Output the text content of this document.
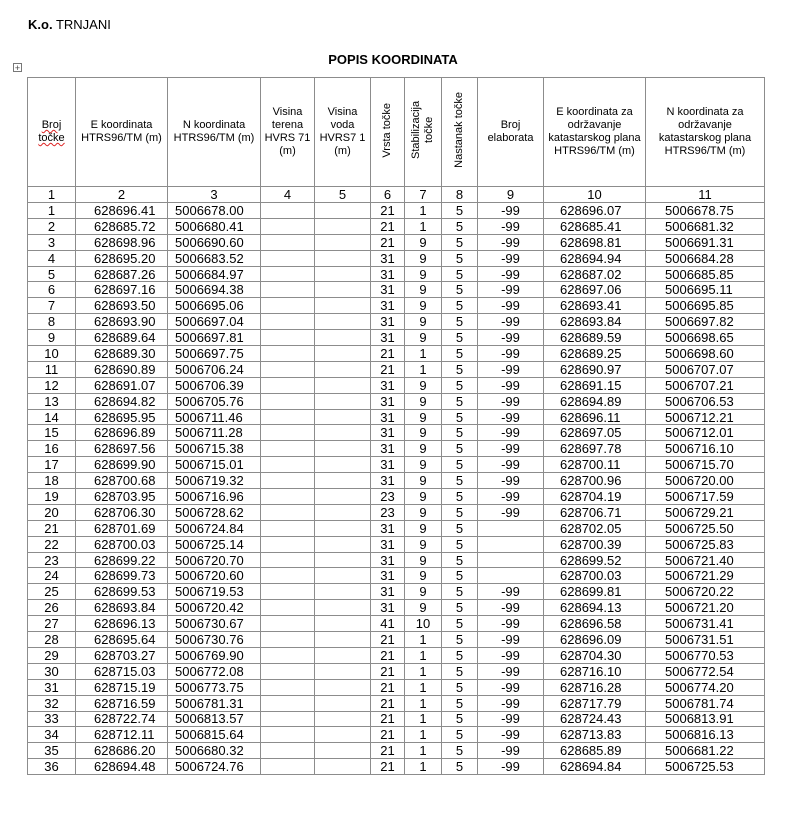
K.o. TRNJANI
POPIS KOORDINATA
+
Broj
točke	E koordinata HTRS96/TM (m)	N koordinata HTRS96/TM (m)	Visina terena HVRS 71 (m)	Visina voda HVRS7 1 (m)	Vrsta točke	Stabilizacija točke	Nastanak točke	Broj elaborata	E koordinata za održavanje katastarskog plana HTRS96/TM (m)	N koordinata za održavanje katastarskog plana HTRS96/TM (m)
1	2	3	4	5	6	7	8	9	10	11
1	628696.41	5006678.00			21	1	5	-99	628696.07	5006678.75
2	628685.72	5006680.41			21	1	5	-99	628685.41	5006681.32
3	628698.96	5006690.60			21	9	5	-99	628698.81	5006691.31
4	628695.20	5006683.52			31	9	5	-99	628694.94	5006684.28
5	628687.26	5006684.97			31	9	5	-99	628687.02	5006685.85
6	628697.16	5006694.38			31	9	5	-99	628697.06	5006695.11
7	628693.50	5006695.06			31	9	5	-99	628693.41	5006695.85
8	628693.90	5006697.04			31	9	5	-99	628693.84	5006697.82
9	628689.64	5006697.81			31	9	5	-99	628689.59	5006698.65
10	628689.30	5006697.75			21	1	5	-99	628689.25	5006698.60
11	628690.89	5006706.24			21	1	5	-99	628690.97	5006707.07
12	628691.07	5006706.39			31	9	5	-99	628691.15	5006707.21
13	628694.82	5006705.76			31	9	5	-99	628694.89	5006706.53
14	628695.95	5006711.46			31	9	5	-99	628696.11	5006712.21
15	628696.89	5006711.28			31	9	5	-99	628697.05	5006712.01
16	628697.56	5006715.38			31	9	5	-99	628697.78	5006716.10
17	628699.90	5006715.01			31	9	5	-99	628700.11	5006715.70
18	628700.68	5006719.32			31	9	5	-99	628700.96	5006720.00
19	628703.95	5006716.96			23	9	5	-99	628704.19	5006717.59
20	628706.30	5006728.62			23	9	5	-99	628706.71	5006729.21
21	628701.69	5006724.84			31	9	5		628702.05	5006725.50
22	628700.03	5006725.14			31	9	5		628700.39	5006725.83
23	628699.22	5006720.70			31	9	5		628699.52	5006721.40
24	628699.73	5006720.60			31	9	5		628700.03	5006721.29
25	628699.53	5006719.53			31	9	5	-99	628699.81	5006720.22
26	628693.84	5006720.42			31	9	5	-99	628694.13	5006721.20
27	628696.13	5006730.67			41	10	5	-99	628696.58	5006731.41
28	628695.64	5006730.76			21	1	5	-99	628696.09	5006731.51
29	628703.27	5006769.90			21	1	5	-99	628704.30	5006770.53
30	628715.03	5006772.08			21	1	5	-99	628716.10	5006772.54
31	628715.19	5006773.75			21	1	5	-99	628716.28	5006774.20
32	628716.59	5006781.31			21	1	5	-99	628717.79	5006781.74
33	628722.74	5006813.57			21	1	5	-99	628724.43	5006813.91
34	628712.11	5006815.64			21	1	5	-99	628713.83	5006816.13
35	628686.20	5006680.32			21	1	5	-99	628685.89	5006681.22
36	628694.48	5006724.76			21	1	5	-99	628694.84	5006725.53
